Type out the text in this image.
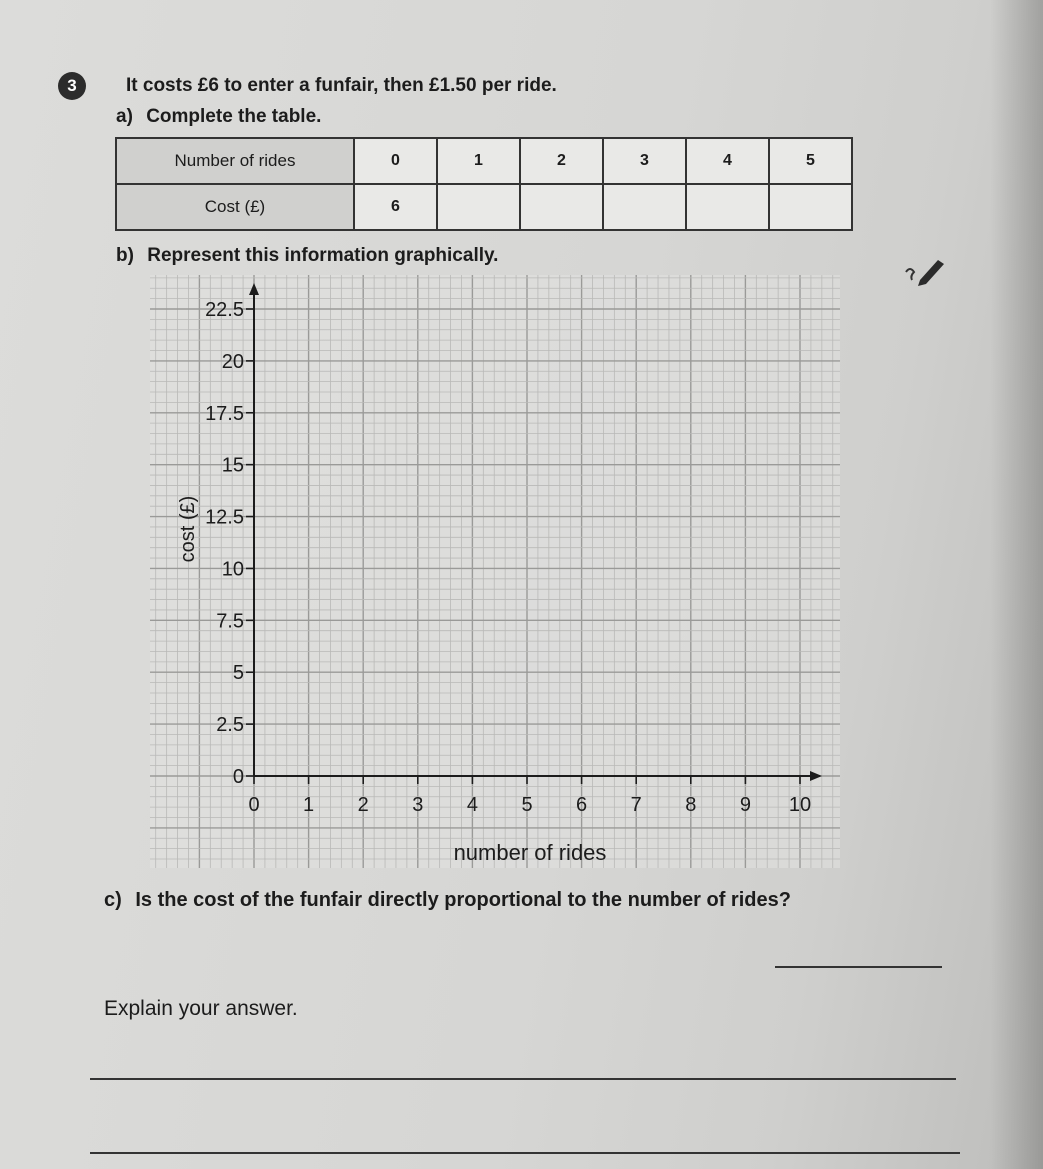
3	It costs £6 to enter a funfair, then £1.50 per ride.
a) Complete the table.
Number of rides	0	1	2	3	4	5
Cost (£)	6					
b) Represent this information graphically.
0 1 2 3 4 5 6 7 8 9 10
0
2.5
5
7.5
10
12.5
15
17.5
20
22.5
number of rides
cost (£)
c) Is the cost of the funfair directly proportional to the number of rides?
Explain your answer.
